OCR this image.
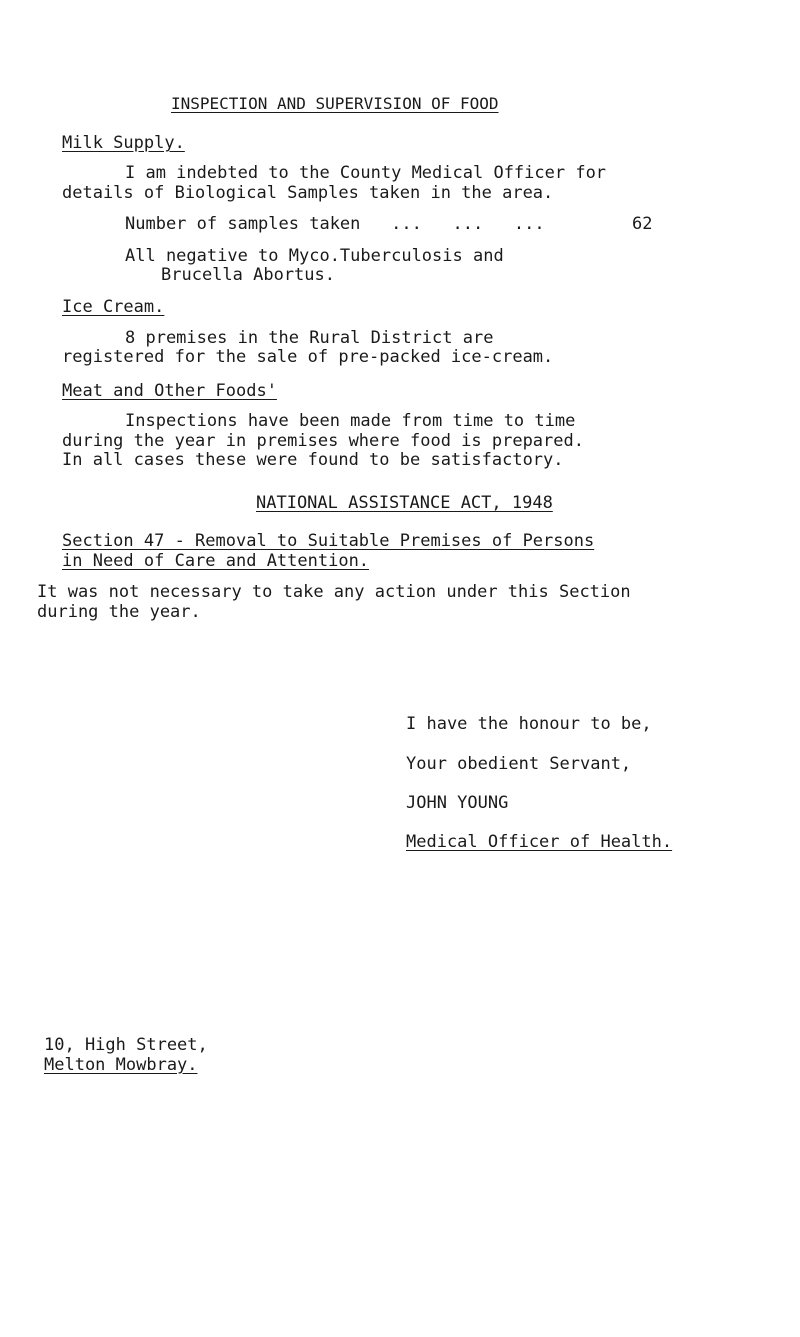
INSPECTION AND SUPERVISION OF FOOD
Milk Supply.
I am indebted to the County Medical Officer for
details of Biological Samples taken in the area.
Number of samples taken   ...   ...   ...	62
All negative to Myco.Tuberculosis and
Brucella Abortus.
Ice Cream.
8 premises in the Rural District are
registered for the sale of pre-packed ice-cream.
Meat and Other Foods'
Inspections have been made from time to time
during the year in premises where food is prepared.
In all cases these were found to be satisfactory.
NATIONAL ASSISTANCE ACT, 1948
Section 47 - Removal to Suitable Premises of Persons
in Need of Care and Attention.
It was not necessary to take any action under this Section
during the year.
I have the honour to be,
Your obedient Servant,
JOHN YOUNG
Medical Officer of Health.
10, High Street,
Melton Mowbray.
